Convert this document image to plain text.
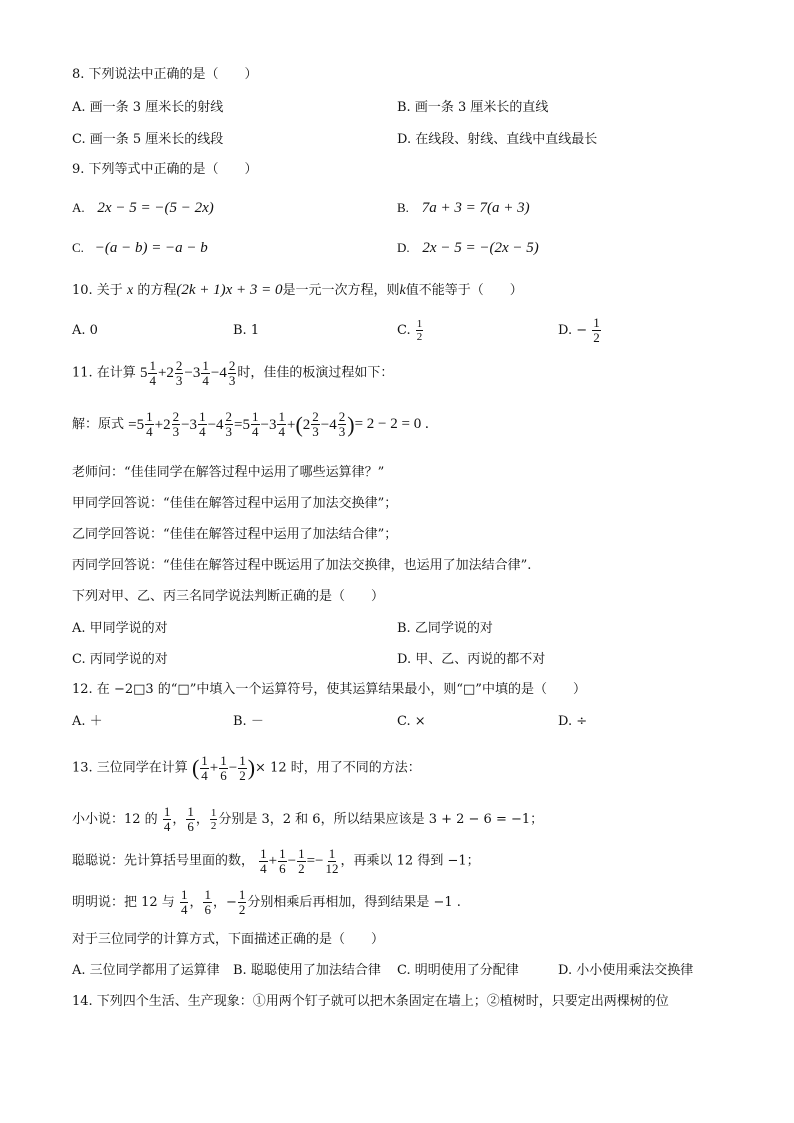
8. 下列说法中正确的是（　　）
A. 画一条 3 厘米长的射线	B. 画一条 3 厘米长的直线
C. 画一条 5 厘米长的线段	D. 在线段、射线、直线中直线最长
9. 下列等式中正确的是（　　）
A. 2x − 5 = −(5 − 2x)	B. 7a + 3 = 7(a + 3)
C. −(a − b) = −a − b	D. 2x − 5 = −(2x − 5)
10. 关于 x 的方程(2k + 1)x + 3 = 0是一元一次方程，则k值不能等于（　　）
A. 0	B. 1	C. $\frac{1}{2}$	D. − $\frac{1}{2}$
11. 在计算 $5 \frac{1}{4} +2 \frac{2}{3} -3 \frac{1}{4} -4 \frac{2}{3}$ 时，佳佳的板演过程如下：
解：原式 $=5 \frac{1}{4} +2 \frac{2}{3} -3 \frac{1}{4} -4 \frac{2}{3} =5 \frac{1}{4} -3 \frac{1}{4}$ + ( $2 \frac{2}{3} -4 \frac{2}{3}$ ) = 2 − 2 = 0 .
老师问：“佳佳同学在解答过程中运用了哪些运算律？”
甲同学回答说：“佳佳在解答过程中运用了加法交换律”；
乙同学回答说：“佳佳在解答过程中运用了加法结合律”；
丙同学回答说：“佳佳在解答过程中既运用了加法交换律，也运用了加法结合律”.
下列对甲、乙、丙三名同学说法判断正确的是（　　）
A. 甲同学说的对	B. 乙同学说的对
C. 丙同学说的对	D. 甲、乙、丙说的都不对
12. 在 −2□3 的“□”中填入一个运算符号，使其运算结果最小，则“□”中填的是（　　）
A. ＋	B. －	C. ×	D. ÷
13. 三位同学在计算 ( $\frac{1}{4} + \frac{1}{6} - \frac{1}{2}$ ) × 12 时，用了不同的方法：
小小说：12 的 $\frac{1}{4}$ ， $\frac{1}{6}$ ， $\frac{1}{2}$ 分别是 3，2 和 6，所以结果应该是 3 + 2 − 6 = −1；
聪聪说：先计算括号里面的数， $\frac{1}{4} + \frac{1}{6} - \frac{1}{2} =- \frac{1}{12}$ ，再乘以 12 得到 −1；
明明说：把 12 与 $\frac{1}{4}$ ， $\frac{1}{6}$ ，− $\frac{1}{2}$ 分别相乘后再相加，得到结果是 −1 .
对于三位同学的计算方式，下面描述正确的是（　　）
A. 三位同学都用了运算律 B. 聪聪使用了加法结合律 C. 明明使用了分配律	D. 小小使用乘法交换律
14. 下列四个生活、生产现象：①用两个钉子就可以把木条固定在墙上；②植树时，只要定出两棵树的位
